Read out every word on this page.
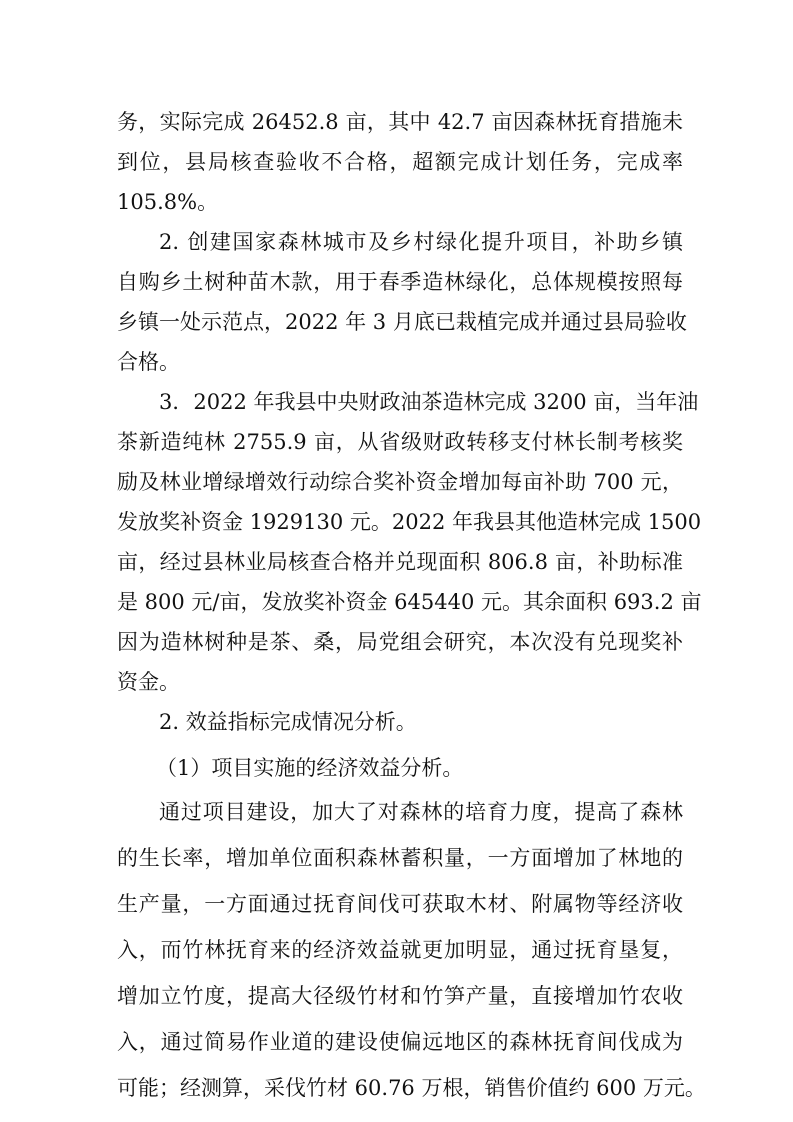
务，实际完成 26452.8 亩，其中 42.7 亩因森林抚育措施未
到位，县局核查验收不合格，超额完成计划任务，完成率
105.8%。
2. 创建国家森林城市及乡村绿化提升项目，补助乡镇
自购乡土树种苗木款，用于春季造林绿化，总体规模按照每
乡镇一处示范点，2022 年 3 月底已栽植完成并通过县局验收
合格。
3．2022 年我县中央财政油茶造林完成 3200 亩，当年油
茶新造纯林 2755.9 亩，从省级财政转移支付林长制考核奖
励及林业增绿增效行动综合奖补资金增加每亩补助 700 元，
发放奖补资金 1929130 元。2022 年我县其他造林完成 1500
亩，经过县林业局核查合格并兑现面积 806.8 亩，补助标准
是 800 元/亩，发放奖补资金 645440 元。其余面积 693.2 亩
因为造林树种是茶、桑，局党组会研究，本次没有兑现奖补
资金。
2. 效益指标完成情况分析。
（1）项目实施的经济效益分析。
通过项目建设，加大了对森林的培育力度，提高了森林
的生长率，增加单位面积森林蓄积量，一方面增加了林地的
生产量，一方面通过抚育间伐可获取木材、附属物等经济收
入，而竹林抚育来的经济效益就更加明显，通过抚育垦复，
增加立竹度，提高大径级竹材和竹笋产量，直接增加竹农收
入，通过简易作业道的建设使偏远地区的森林抚育间伐成为
可能；经测算，采伐竹材 60.76 万根，销售价值约 600 万元。
